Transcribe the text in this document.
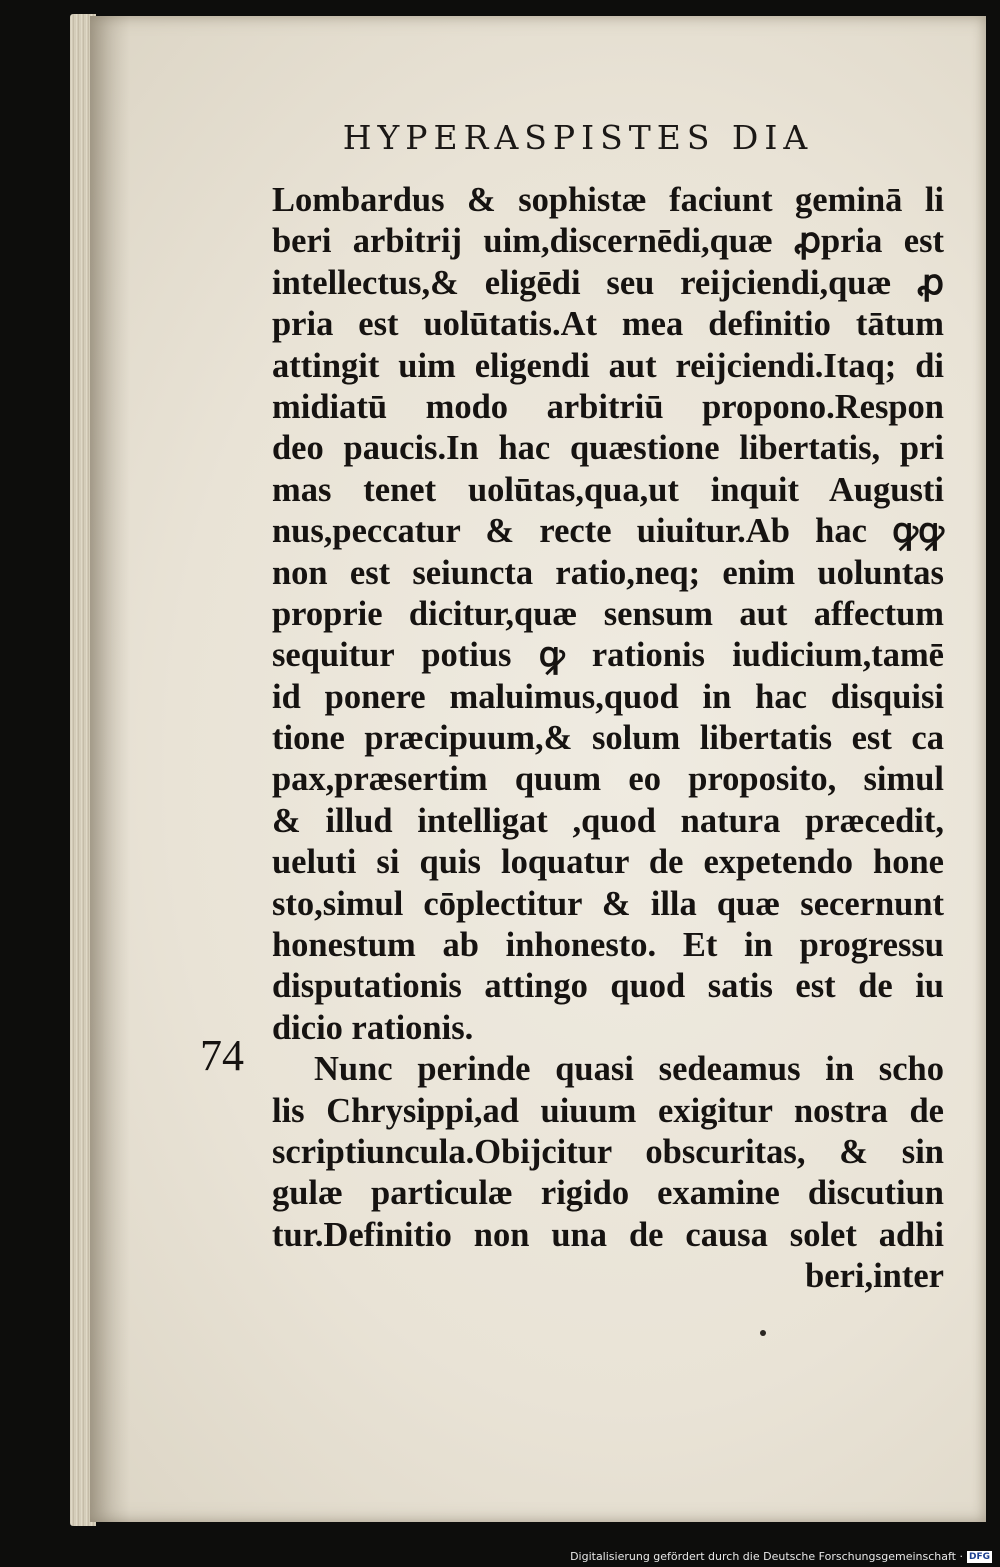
HYPERASPISTES DIA
Lombardus & sophistæ faciunt geminā li
beri arbitrij uim,discernēdi,quæ ꝓpria est
intellectus,& eligēdi seu reijciendi,quæ ꝓ
pria est uolūtatis.At mea definitio tātum
attingit uim eligendi aut reijciendi.Itaq; di
midiatū modo arbitriū propono.Respon
deo paucis.In hac quæstione libertatis, pri
mas tenet uolūtas,qua,ut inquit Augusti
nus,peccatur & recte uiuitur.Ab hac ꝙꝙ
non est seiuncta ratio,neq; enim uoluntas
proprie dicitur,quæ sensum aut affectum
sequitur potius ꝙ rationis iudicium,tamē
id ponere maluimus,quod in hac disquisi
tione præcipuum,& solum libertatis est ca
pax,præsertim quum eo proposito, simul
& illud intelligat ,quod natura præcedit,
ueluti si quis loquatur de expetendo hone
sto,simul cōplectitur & illa quæ secernunt
honestum ab inhonesto. Et in progressu
disputationis attingo quod satis est de iu
dicio rationis.
Nunc perinde quasi sedeamus in scho
lis Chrysippi,ad uiuum exigitur nostra de
scriptiuncula.Obijcitur obscuritas, & sin
gulæ particulæ rigido examine discutiun
tur.Definitio non una de causa solet adhi
beri,inter
74
Digitalisierung gefördert durch die Deutsche Forschungsgemeinschaft · DFG
